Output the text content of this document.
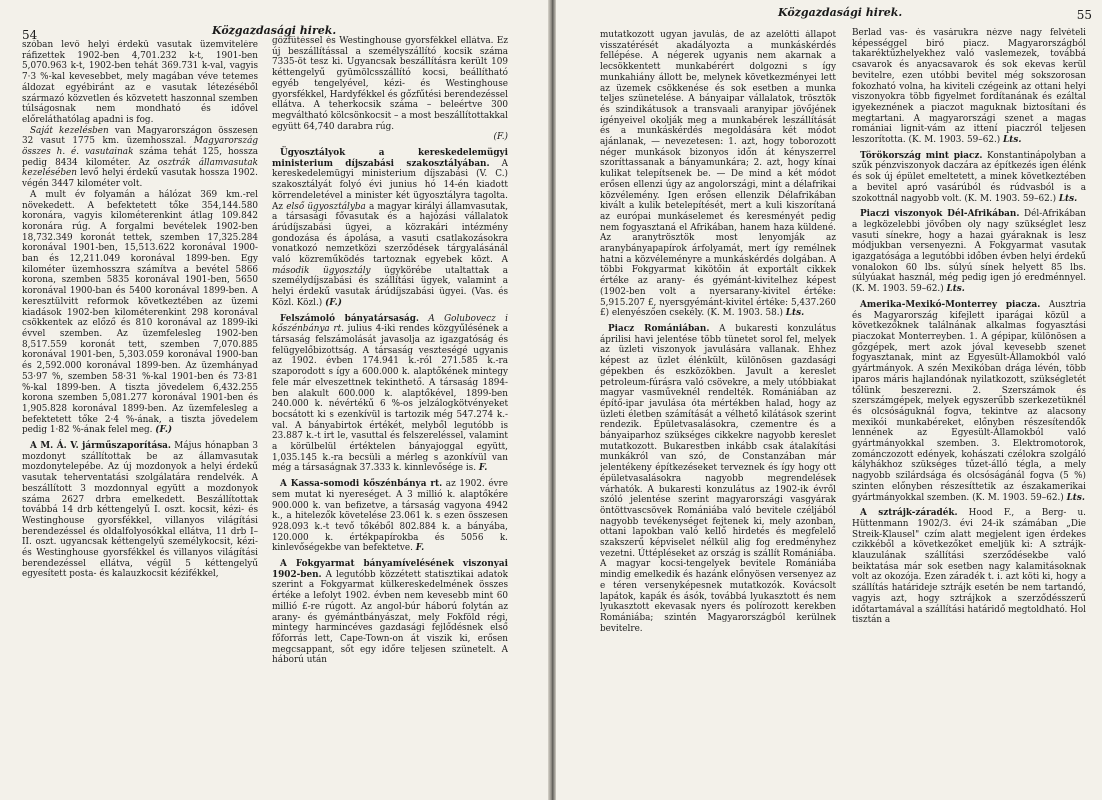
54	Közgazdasági hirek.

szóban levő helyi érdekű vasutak üzemvitelére ráfizettek 1902-ben 4,701.232 k-t, 1901-ben 5,070.963 k-t, 1902-ben tehát 369.731 k-val, vagyis 7·3 %-kal kevesebbet, mely magában véve tetemes áldozat egyébiránt az e vasutak létezéséből származó közvetlen és közvetett haszonnal szemben túlságosnak nem mondható és idővel előreláthatólag apadni is fog.

Saját kezelésben van Magyarországon összesen 32 vasut 1775 km. üzemhosszal. Magyarország összes h. é. vasutainak száma tehát 125, hossza pedig 8434 kilométer. Az osztrák államvasutak kezelésében levő helyi érdekű vasutak hossza 1902. végén 3447 kilométer volt.

A mult év folyamán a hálózat 369 km.-rel növekedett. A befektetett tőke 354,144.580 koronára, vagyis kilométerenkint átlag 109.842 koronára rúg. A forgalmi bevételek 1902-ben 18,732.349 koronát tettek, szemben 17,325.284 koronával 1901-ben, 15,513.622 koronával 1900-ban és 12,211.049 koronával 1899-ben. Egy kilométer üzemhosszra számítva a bevétel 5866 korona, szemben 5835 koronával 1901-ben, 5650 koronával 1900-ban és 5400 koronával 1899-ben. A keresztülvitt reformok következtében az üzemi kiadások 1902-ben kilométerenkint 298 koronával csökkentek az előző és 810 koronával az 1899-iki évvel szemben. Az üzemfelesleg 1902-ben 8,517.559 koronát tett, szemben 7,070.885 koronával 1901-ben, 5,303.059 koronával 1900-ban és 2,592.000 koronával 1899-ben. Az üzemhányad 53·97 %, szemben 58·31 %-kal 1901-ben és 73·81 %-kal 1899-ben. A tiszta jövedelem 6,432.255 korona szemben 5,081.277 koronával 1901-ben és 1,905.828 koronával 1899-ben. Az üzemfelesleg a befektetett tőke 2·4 %-ának, a tiszta jövedelem pedig 1·82 %-ának felel meg. (F.)

A M. Á. V. járműszaporítása. Május hónapban 3 mozdonyt szállítottak be az államvasutak mozdonytelepébe. Az új mozdonyok a helyi érdekű vasutak teherventatási szolgálatára rendelvék. A beszállított 3 mozdonnyal együtt a mozdonyok száma 2627 drbra emelkedett. Beszállítottak továbbá 14 drb kéttengelyű I. oszt. kocsit, kézi- és Westinghouse gyorsfékkel, villanyos világítási berendezéssel és oldalfolyosókkal ellátva, 11 drb I–II. oszt. ugyancsak kéttengelyű személykocsit, kézi- és Westinghouse gyorsfékkel és villanyos világítási berendezéssel ellátva, végül 5 kéttengelyű egyesített posta- és kalauzkocsit kézifékkel,

gőzfűtéssel és Westinghouse gyorsfékkel ellátva. Ez új beszállítással a személyszállító kocsik száma 7335-öt tesz ki. Ugyancsak beszállításra került 109 kéttengelyű gyümölcsszállító kocsi, beállítható egyéb tengelyével, kézi- és Westinghouse gyorsfékkel, Hardyfékkel és gőzfűtési berendezéssel ellátva. A teherkocsik száma – beleértve 300 megváltható kölcsönkocsit – a most beszállítottakkal együtt 64,740 darabra rúg.
(F.)

Ügyosztályok a kereskedelemügyi ministerium díjszabási szakosztályában. A kereskedelemügyi ministerium díjszabási (V. C.) szakosztályát folyó évi junius hó 14-én kiadott körrendeletével a minister két ügyosztályra tagolta. Az első ügyosztályba a magyar királyi államvasutak, a társasági fővasutak és a hajózási vállalatok árúdíjszabási ügyei, a közrakári intézmény gondozása és ápolása, a vasuti csatlakozásokra vonatkozó nemzetközi szerződések tárgyalásánál való közreműködés tartoznak egyebek közt. A második ügyosztály ügykörébe utaltattak a személydíjszabási és szállítási ügyek, valamint a helyi érdekű vasutak árúdíjszabási ügyei. (Vas. és Közl. Közl.) (F.)

Felszámoló bányatársaság. A Golubovecz i kőszénbánya rt. julius 4-iki rendes közgyűlésének a társaság felszámolását javasolja az igazgatóság és felügyelőbizottság. A társaság veszteségé ugyanis az 1902. évben 174.941 k.-ról 271.585 k.-ra szaporodott s így a 600.000 k. alaptőkének mintegy fele már elveszettnek tekinthető. A társaság 1894-ben alakult 600.000 k. alaptőkével, 1899-ben 240.000 k. névértékű 6 %-os jelzálogkötvényeket bocsátott ki s ezenkívül is tartozik még 547.274 k.-val. A bányabirtok értékét, melyből legutóbb is 23.887 k.-t irt le, vasuttal és felszereléssel, valamint a körülbelül értéktelen bányajoggal együtt, 1,035.145 k.-ra becsüli a mérleg s azonkívül van még a társaságnak 37.333 k. kinnlevősége is. F.

A Kassa-somodi kőszénbánya rt. az 1902. évre sem mutat ki nyereséget. A 3 millió k. alaptőkére 900.000 k. van befizetve, a társaság vagyona 4942 k., a hitelezők követelése 23.061 k. s ezen összesen 928.093 k.-t tevő tőkéből 802.884 k. a bányába, 120.000 k. értékpapírokba és 5056 k. kinlevőségekbe van befektetve. F.

A Fokgyarmat bányamívelésének viszonyai 1902-ben. A legutóbb közzétett statisztikai adatok szerint a Fokgyarmat külkereskedelmének összes értéke a lefolyt 1902. évben nem kevesebb mint 60 millió £-re rúgott. Az angol-búr háború folytán az arany- és gyémántbányászat, mely Fokföld régi, mintegy harmincéves gazdasági fejlődésnek első főforrás lett, Cape-Town-on át viszik ki, erősen megcsappant, sőt egy időre teljesen szünetelt. A háború után

Közgazdasági hirek.	55

mutatkozott ugyan javulás, de az azelőtti állapot visszatérését akadályozta a munkáskérdés fellépése. A négerek ugyanis nem akarnak a lecsökkentett munkabérért dolgozni s így munkahiány állott be, melynek következményei lett az üzemek csökkenése és sok esetben a munka teljes szünetelése. A bányaipar vállalatok, trösztök és szindikátusok a transvaali aranyipar jövőjének igényeivel okolják meg a munkabérek leszállítását és a munkáskérdés megoldására két módot ajánlanak, — nevezetesen: 1. azt, hogy toborozott néger munkások bizonyos időn át kényszerrel szoríttassanak a bányamunkára; 2. azt, hogy kínai kulikat telepítsenek be. — De mind a két módot erősen ellenzi úgy az angolországi, mint a délafrikai közvélemény. Igen erősen ellenzik Délafrikában kivált a kulik betelepítését, mert a kuli kiszorítaná az európai munkáselemet és keresményét pedig nem fogyasztaná el Afrikában, hanem haza küldené. Az aranytrösztök most lenyomják az aranybányapapírok árfolyamát, mert így remélnek hatni a közvéleményre a munkáskérdés dolgában. A többi Fokgyarmat kikötőin át exportált cikkek értéke az arany- és gyémánt-kivitelhez képest (1902-ben volt a nyersarany-kivitel értéke: 5,915.207 £, nyersgyémánt-kivitel értéke: 5,437.260 £) elenyészően csekély. (K. M. 1903. 58.) Lts.

Piacz Romániában. A bukaresti konzulátus áprilisi havi jelentése több tünetet sorol fel, melyek az üzleti viszonyok javulására vallanak. Ehhez képest az üzlet élénkült, különösen gazdasági gépekben és eszközökben. Javult a kereslet petroleum-fúrásra való csövekre, a mely utóbbiakat magyar vasműveknél rendelték. Romániában az építő-ipar javulása óta mértékben halad, hogy az üzleti életben számítását a vélhető kilátások szerint rendezik. Épületvasalásokra, czementre és a bányaiparhoz szükséges cikkekre nagyobb kereslet mutatkozott. Bukarestben inkább csak átalakítási munkákról van szó, de Constanzában már jelentékeny építkezéseket terveznek és így hogy ott épületvasalásokra nagyobb megrendelések várhatók. A bukaresti konzulátus az 1902-ik évről szóló jelentése szerint magyarországi vasgyárak öntöttvascsövek Romániába való bevitele czéljából nagyobb tevékenységet fejtenek ki, mely azonban, ottani lapokban való kellő hirdetés és megfelelő szakszerű képviselet nélkül alig fog eredményhez vezetni. Úttépléseket az ország is szállít Romániába. A magyar kocsi-tengelyek bevitele Romániába mindig emelkedik és hazánk előnyösen versenyez az e téren versenyképesnek mutatkozók. Kovácsolt lapátok, kapák és ásók, továbbá lyukasztott és nem lyukasztott ekevasak nyers és polírozott kerekben Romániába; szintén Magyarországból kerülnek bevitelre.

Berlad vas- és vasárukra nézve nagy felvételi képességgel biró piacz. Magyarországból takaréktűzhelyekhez való vaslemezek, továbbá csavarok és anyacsavarok és sok ekevas kerül bevitelre, ezen utóbbi bevitel még sokszorosan fokozható volna, ha kiviteli czégeink az ottani helyi viszonyokra több figyelmet fordítanának és ezáltal igyekeznének a piaczot maguknak biztosítani és megtartani. A magyarországi szenet a magas romániai lignit-vám az ittení piaczról teljesen leszorította. (K. M. 1903. 59–62.) Lts.

Törökország mint piacz. Konstantinápolyban a szűk pénzviszonyok daczára az építkezés igen élénk és sok új épület emeltetett, a minek következtében a bevitel apró vasárúból és rúdvasból is a szokottnál nagyobb volt. (K. M. 1903. 59–62.) Lts.

Piaczi viszonyok Dél-Afrikában. Dél-Afrikában a legközelebbi jövőben oly nagy szükséglet lesz vasuti sínekre, hogy a hazai gyáraknak is lesz módjukban versenyezni. A Fokgyarmat vasutak igazgatósága a legutóbbi időben évben helyi érdekű vonalokon 60 lbs. súlyú sínek helyett 85 lbs. súlyúakat használ, még pedig igen jó eredménnyel. (K. M. 1903. 59–62.) Lts.

Amerika-Mexikó-Monterrey piacza. Ausztria és Magyarország kifejlett iparágai közül a következőknek találnának alkalmas fogyasztási piaczokat Monterreyben. 1. A gépipar, különösen a gőzgépek, mert azok jóval kevesebb szenet fogyasztanak, mint az Egyesült-Államokból való gyártmányok. A szén Mexikóban drága lévén, több iparos máris hajlandónak nyilatkozott, szükségletét tőlünk beszerezni. 2. Szerszámok és szerszámgépek, melyek egyszerűbb szerkezetüknél és olcsóságuknál fogva, tekintve az alacsony mexikói munkabéreket, előnyben részesítendők lennének az Egyesült-Államokból való gyártmányokkal szemben. 3. Elektromotorok, zománczozott edények, kohászati czélokra szolgáló kályhákhoz szükséges tűzet-álló tégla, a mely nagyobb szilárdsága és olcsóságánál fogva (5 %) szinten előnyben részesíttetik az északamerikai gyártmányokkal szemben. (K. M. 1903. 59–62.) Lts.

A sztrájk-záradék. Hood F., a Berg- u. Hüttenmann 1902/3. évi 24-ik számában „Die Streik-Klausel" czím alatt megjelent igen érdekes czikkéből a következőket emeljük ki: A sztrájk-klauzulának szállítási szerződésekbe való beiktatása már sok esetben nagy kalamitásoknak volt az okozója. Ezen záradék t. i. azt köti ki, hogy a szállítás határideje sztrájk esetén be nem tartandó, vagyis azt, hogy sztrájkok a szerződésszerű időtartamával a szállítási határidő megtoldható. Hol tisztán a
